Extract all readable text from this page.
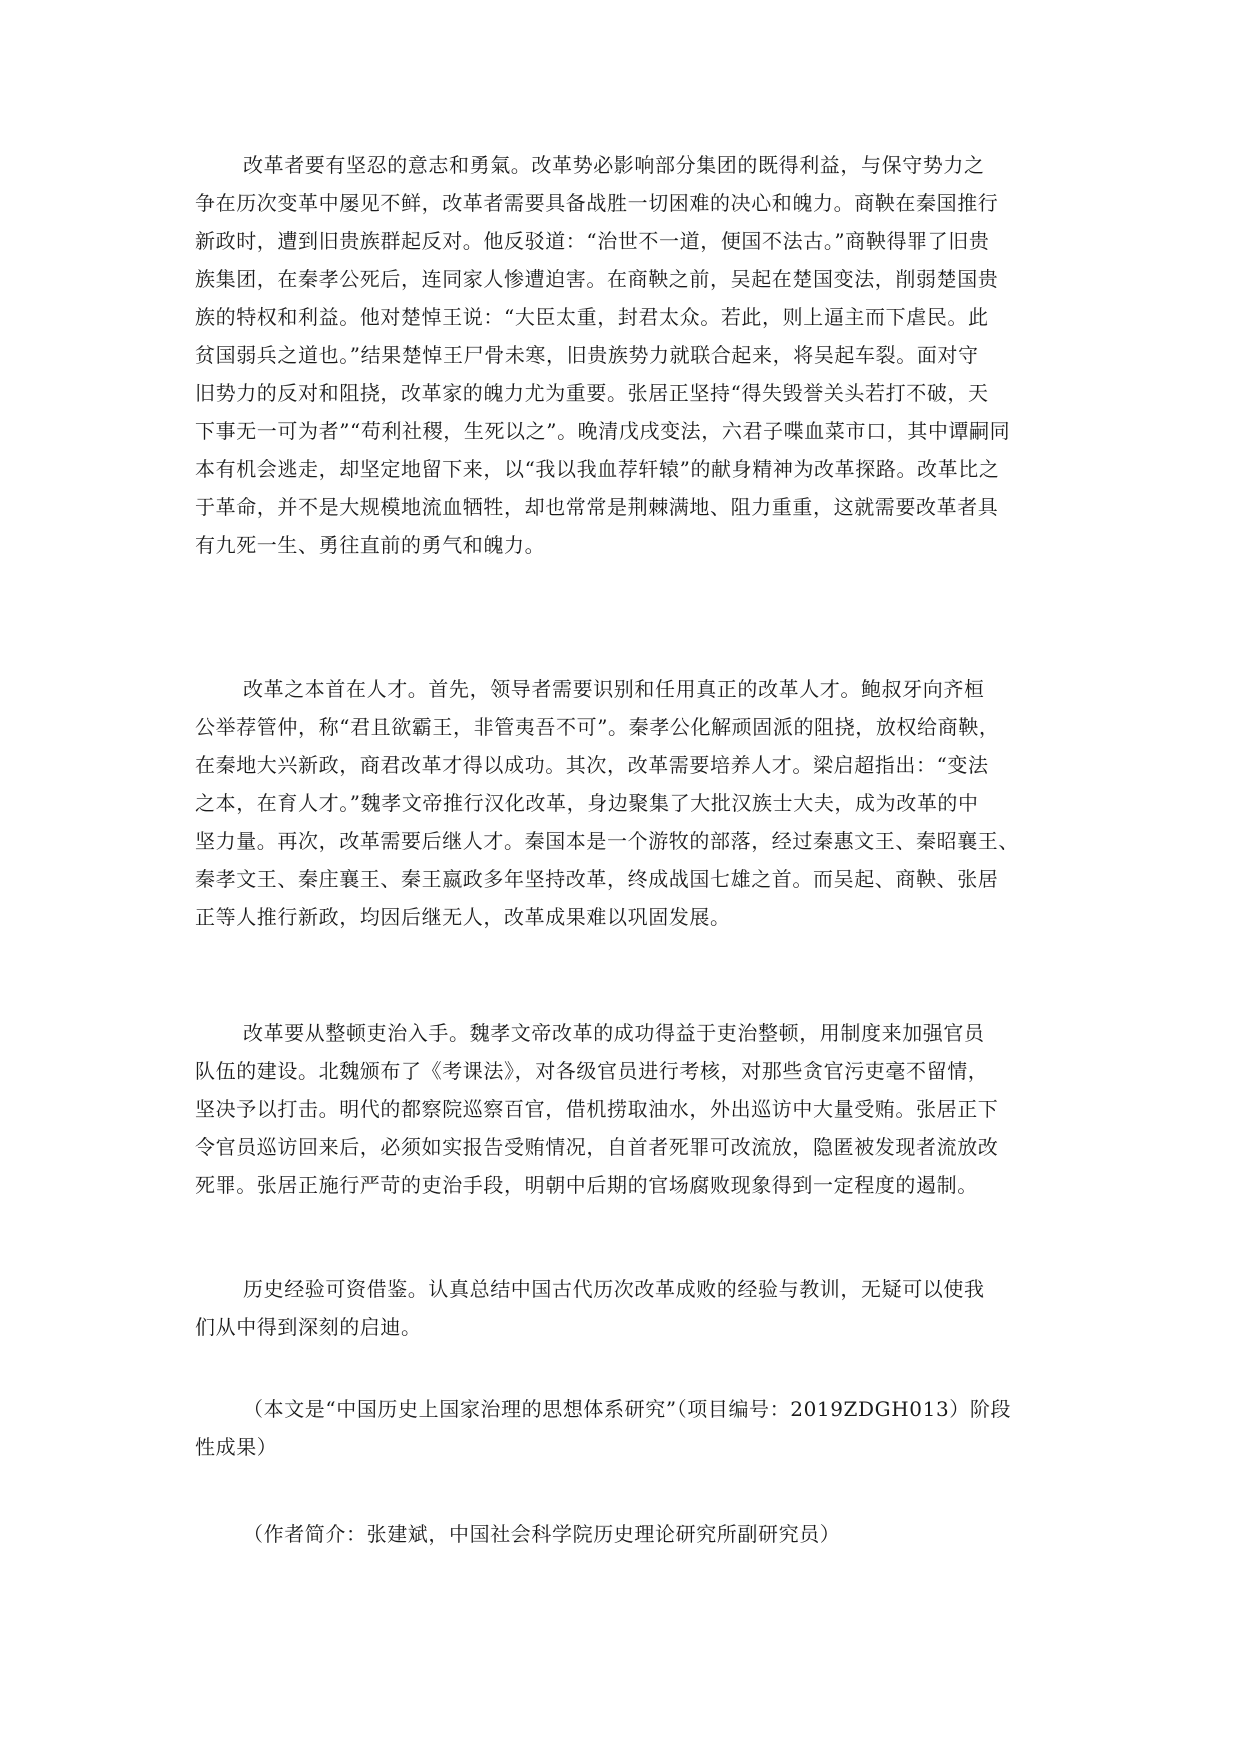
改革者要有坚忍的意志和勇氣。改革势必影响部分集团的既得利益，与保守势力之
争在历次变革中屡见不鲜，改革者需要具备战胜一切困难的决心和魄力。商鞅在秦国推行
新政时，遭到旧贵族群起反对。他反驳道：“治世不一道，便国不法古。”商鞅得罪了旧贵
族集团，在秦孝公死后，连同家人惨遭迫害。在商鞅之前，吴起在楚国变法，削弱楚国贵
族的特权和利益。他对楚悼王说：“大臣太重，封君太众。若此，则上逼主而下虐民。此
贫国弱兵之道也。”结果楚悼王尸骨未寒，旧贵族势力就联合起来，将吴起车裂。面对守
旧势力的反对和阻挠，改革家的魄力尤为重要。张居正坚持“得失毁誉关头若打不破，天
下事无一可为者”“苟利社稷，生死以之”。晚清戊戌变法，六君子喋血菜市口，其中谭嗣同
本有机会逃走，却坚定地留下来，以“我以我血荐轩辕”的献身精神为改革探路。改革比之
于革命，并不是大规模地流血牺牲，却也常常是荆棘满地、阻力重重，这就需要改革者具
有九死一生、勇往直前的勇气和魄力。
改革之本首在人才。首先，领导者需要识别和任用真正的改革人才。鲍叔牙向齐桓
公举荐管仲，称“君且欲霸王，非管夷吾不可”。秦孝公化解顽固派的阻挠，放权给商鞅，
在秦地大兴新政，商君改革才得以成功。其次，改革需要培养人才。梁启超指出：“变法
之本，在育人才。”魏孝文帝推行汉化改革，身边聚集了大批汉族士大夫，成为改革的中
坚力量。再次，改革需要后继人才。秦国本是一个游牧的部落，经过秦惠文王、秦昭襄王、
秦孝文王、秦庄襄王、秦王嬴政多年坚持改革，终成战国七雄之首。而吴起、商鞅、张居
正等人推行新政，均因后继无人，改革成果难以巩固发展。
改革要从整顿吏治入手。魏孝文帝改革的成功得益于吏治整顿，用制度来加强官员
队伍的建设。北魏颁布了《考课法》，对各级官员进行考核，对那些贪官污吏毫不留情，
坚决予以打击。明代的都察院巡察百官，借机捞取油水，外出巡访中大量受贿。张居正下
令官员巡访回来后，必须如实报告受贿情况，自首者死罪可改流放，隐匿被发现者流放改
死罪。张居正施行严苛的吏治手段，明朝中后期的官场腐败现象得到一定程度的遏制。
历史经验可资借鉴。认真总结中国古代历次改革成败的经验与教训，无疑可以使我
们从中得到深刻的启迪。
（本文是“中国历史上国家治理的思想体系研究”（项目编号：2019ZDGH013）阶段
性成果）
（作者简介：张建斌，中国社会科学院历史理论研究所副研究员）
